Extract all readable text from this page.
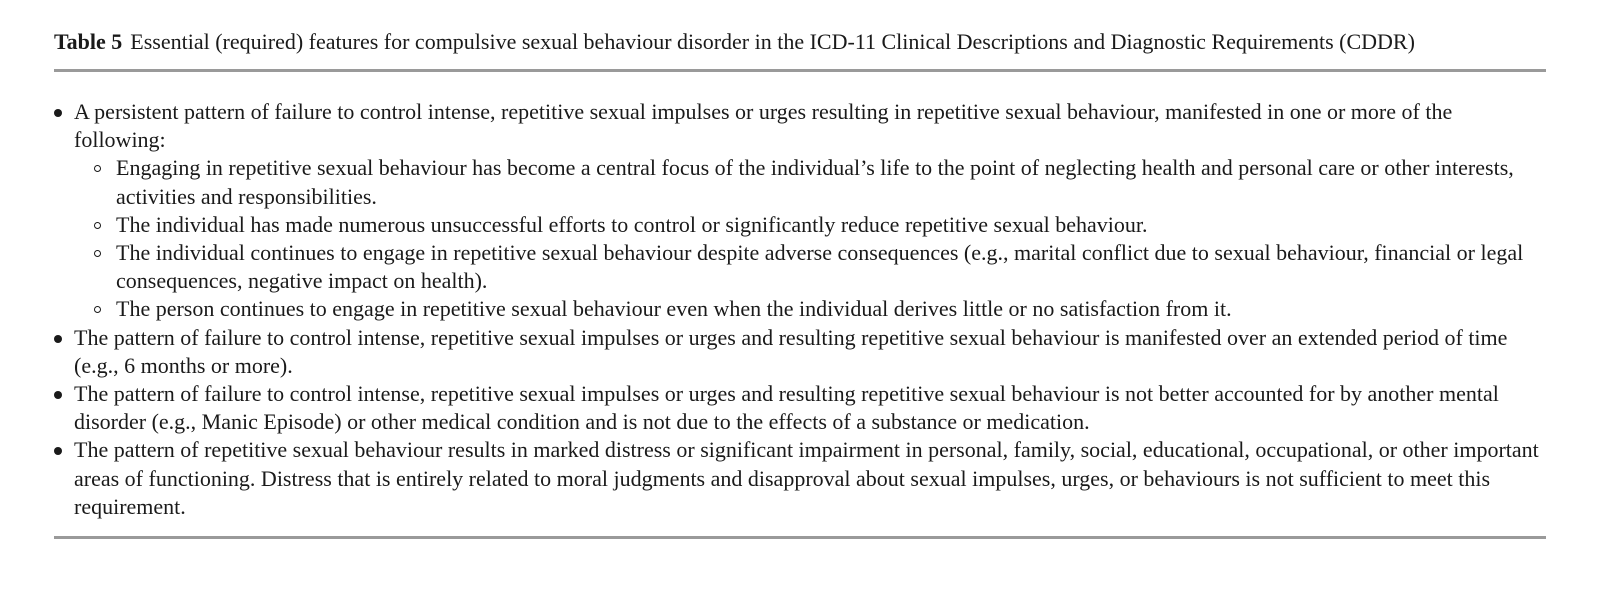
Table 5 Essential (required) features for compulsive sexual behaviour disorder in the ICD-11 Clinical Descriptions and Diagnostic Requirements (CDDR)

A persistent pattern of failure to control intense, repetitive sexual impulses or urges resulting in repetitive sexual behaviour, manifested in one or more of the following:
Engaging in repetitive sexual behaviour has become a central focus of the individual’s life to the point of neglecting health and personal care or other interests, activities and responsibilities.
The individual has made numerous unsuccessful efforts to control or significantly reduce repetitive sexual behaviour.
The individual continues to engage in repetitive sexual behaviour despite adverse consequences (e.g., marital conflict due to sexual behaviour, financial or legal consequences, negative impact on health).
The person continues to engage in repetitive sexual behaviour even when the individual derives little or no satisfaction from it.
The pattern of failure to control intense, repetitive sexual impulses or urges and resulting repetitive sexual behaviour is manifested over an extended period of time (e.g., 6 months or more).
The pattern of failure to control intense, repetitive sexual impulses or urges and resulting repetitive sexual behaviour is not better accounted for by another mental disorder (e.g., Manic Episode) or other medical condition and is not due to the effects of a substance or medication.
The pattern of repetitive sexual behaviour results in marked distress or significant impairment in personal, family, social, educational, occupational, or other important areas of functioning. Distress that is entirely related to moral judgments and disapproval about sexual impulses, urges, or behaviours is not sufficient to meet this requirement.
